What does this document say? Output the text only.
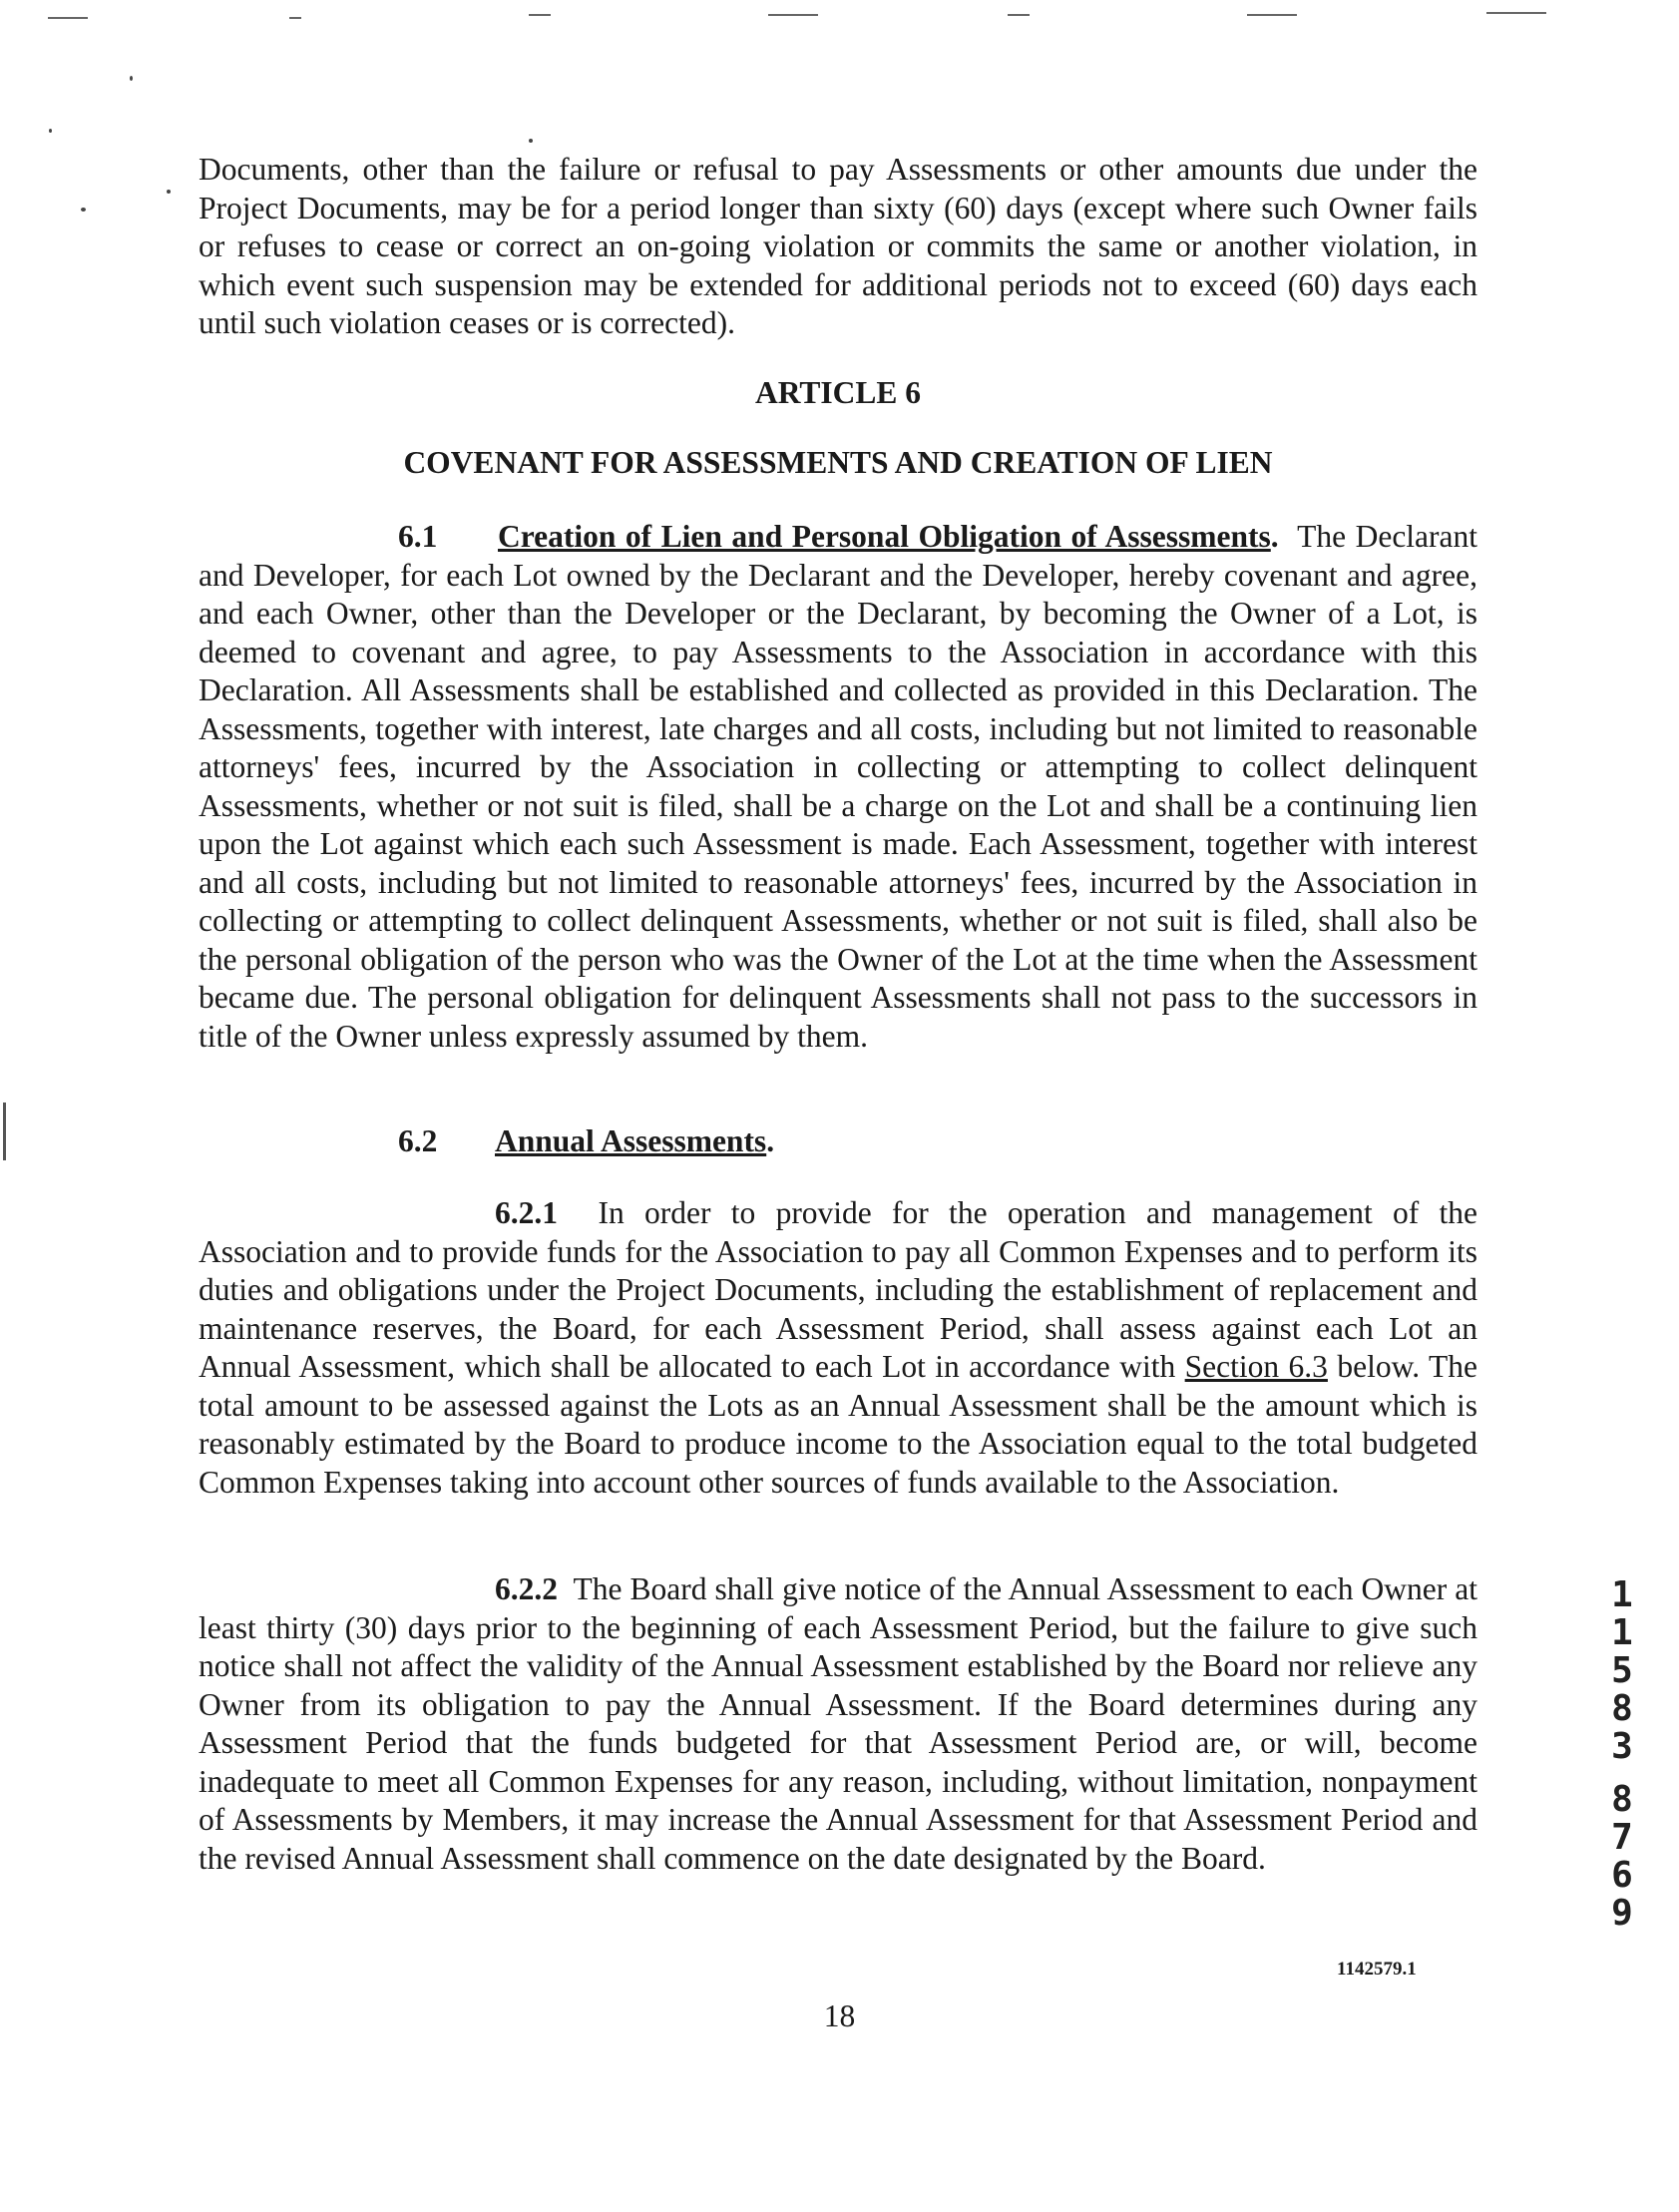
Documents, other than the failure or refusal to pay Assessments or other amounts due under the Project Documents, may be for a period longer than sixty (60) days (except where such Owner fails or refuses to cease or correct an on-going violation or commits the same or another violation, in which event such suspension may be extended for additional periods not to exceed (60) days each until such violation ceases or is corrected).

ARTICLE 6

COVENANT FOR ASSESSMENTS AND CREATION OF LIEN

6.1 Creation of Lien and Personal Obligation of Assessments. The Declarant and Developer, for each Lot owned by the Declarant and the Developer, hereby covenant and agree, and each Owner, other than the Developer or the Declarant, by becoming the Owner of a Lot, is deemed to covenant and agree, to pay Assessments to the Association in accordance with this Declaration. All Assessments shall be established and collected as provided in this Declaration. The Assessments, together with interest, late charges and all costs, including but not limited to reasonable attorneys' fees, incurred by the Association in collecting or attempting to collect delinquent Assessments, whether or not suit is filed, shall be a charge on the Lot and shall be a continuing lien upon the Lot against which each such Assessment is made. Each Assessment, together with interest and all costs, including but not limited to reasonable attorneys' fees, incurred by the Association in collecting or attempting to collect delinquent Assessments, whether or not suit is filed, shall also be the personal obligation of the person who was the Owner of the Lot at the time when the Assessment became due. The personal obligation for delinquent Assessments shall not pass to the successors in title of the Owner unless expressly assumed by them.

6.2 Annual Assessments.

6.2.1 In order to provide for the operation and management of the Association and to provide funds for the Association to pay all Common Expenses and to perform its duties and obligations under the Project Documents, including the establishment of replacement and maintenance reserves, the Board, for each Assessment Period, shall assess against each Lot an Annual Assessment, which shall be allocated to each Lot in accordance with Section 6.3 below. The total amount to be assessed against the Lots as an Annual Assessment shall be the amount which is reasonably estimated by the Board to produce income to the Association equal to the total budgeted Common Expenses taking into account other sources of funds available to the Association.

6.2.2 The Board shall give notice of the Annual Assessment to each Owner at least thirty (30) days prior to the beginning of each Assessment Period, but the failure to give such notice shall not affect the validity of the Annual Assessment established by the Board nor relieve any Owner from its obligation to pay the Annual Assessment. If the Board determines during any Assessment Period that the funds budgeted for that Assessment Period are, or will, become inadequate to meet all Common Expenses for any reason, including, without limitation, nonpayment of Assessments by Members, it may increase the Annual Assessment for that Assessment Period and the revised Annual Assessment shall commence on the date designated by the Board.

1142579.1
18
1
1
5
8
3
8
7
6
9
